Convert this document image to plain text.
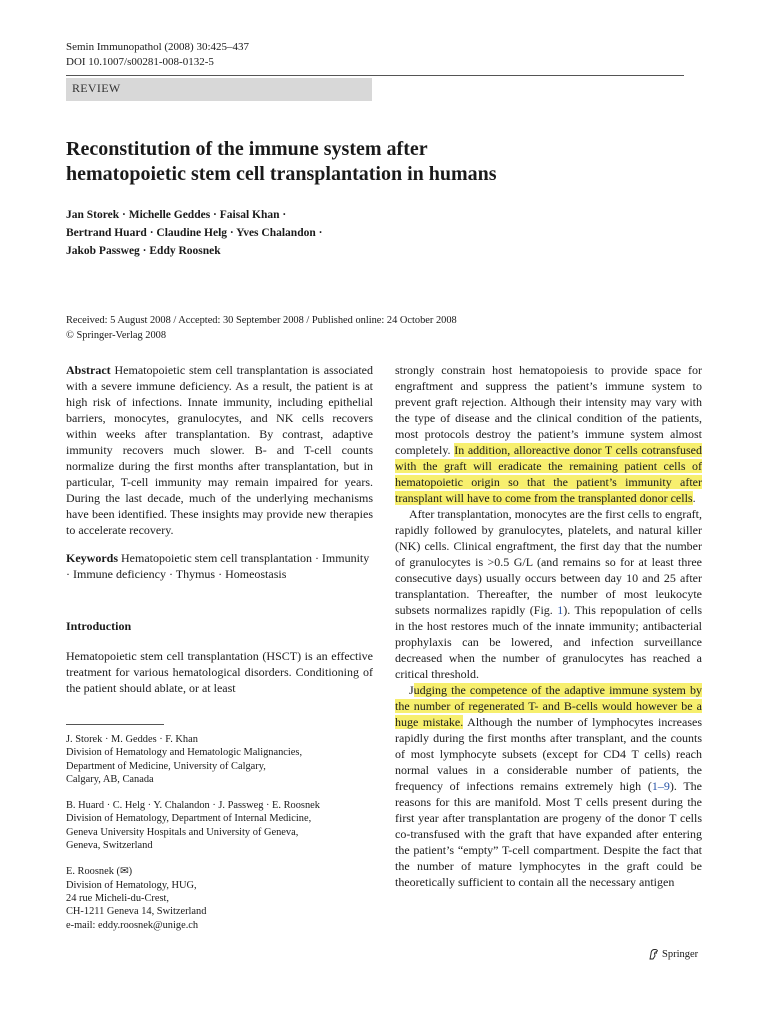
Semin Immunopathol (2008) 30:425–437
DOI 10.1007/s00281-008-0132-5
REVIEW
Reconstitution of the immune system after
hematopoietic stem cell transplantation in humans
Jan Storek · Michelle Geddes · Faisal Khan ·
Bertrand Huard · Claudine Helg · Yves Chalandon ·
Jakob Passweg · Eddy Roosnek
Received: 5 August 2008 / Accepted: 30 September 2008 / Published online: 24 October 2008
© Springer-Verlag 2008

Abstract Hematopoietic stem cell transplantation is associated with a severe immune deficiency. As a result, the patient is at high risk of infections. Innate immunity, including epithelial barriers, monocytes, granulocytes, and NK cells recovers within weeks after transplantation. By contrast, adaptive immunity recovers much slower. B- and T-cell counts normalize during the first months after transplantation, but in particular, T-cell immunity may remain impaired for years. During the last decade, much of the underlying mechanisms have been identified. These insights may provide new therapies to accelerate recovery.

Keywords Hematopoietic stem cell transplantation · Immunity · Immune deficiency · Thymus · Homeostasis

Introduction

Hematopoietic stem cell transplantation (HSCT) is an effective treatment for various hematological disorders. Conditioning of the patient should ablate, or at least

J. Storek · M. Geddes · F. Khan
Division of Hematology and Hematologic Malignancies,
Department of Medicine, University of Calgary,
Calgary, AB, Canada

B. Huard · C. Helg · Y. Chalandon · J. Passweg · E. Roosnek
Division of Hematology, Department of Internal Medicine,
Geneva University Hospitals and University of Geneva,
Geneva, Switzerland

E. Roosnek (✉)
Division of Hematology, HUG,
24 rue Micheli-du-Crest,
CH-1211 Geneva 14, Switzerland
e-mail: eddy.roosnek@unige.ch

strongly constrain host hematopoiesis to provide space for engraftment and suppress the patient’s immune system to prevent graft rejection. Although their intensity may vary with the type of disease and the clinical condition of the patients, most protocols destroy the patient’s immune system almost completely. In addition, alloreactive donor T cells cotransfused with the graft will eradicate the remaining patient cells of hematopoietic origin so that the patient’s immunity after transplant will have to come from the transplanted donor cells.

After transplantation, monocytes are the first cells to engraft, rapidly followed by granulocytes, platelets, and natural killer (NK) cells. Clinical engraftment, the first day that the number of granulocytes is >0.5 G/L (and remains so for at least three consecutive days) usually occurs between day 10 and 25 after transplantation. Thereafter, the number of most leukocyte subsets normalizes rapidly (Fig. 1). This repopulation of cells in the host restores much of the innate immunity; antibacterial prophylaxis can be lowered, and infection surveillance decreased when the number of granulocytes has reached a critical threshold.

Judging the competence of the adaptive immune system by the number of regenerated T- and B-cells would however be a huge mistake. Although the number of lymphocytes increases rapidly during the first months after transplant, and the counts of most lymphocyte subsets (except for CD4 T cells) reach normal values in a considerable number of patients, the frequency of infections remains extremely high (1–9). The reasons for this are manifold. Most T cells present during the first year after transplantation are progeny of the donor T cells co-transfused with the graft that have expanded after entering the patient’s “empty” T-cell compartment. Despite the fact that the number of mature lymphocytes in the graft could be theoretically sufficient to contain all the necessary antigen

Springer
